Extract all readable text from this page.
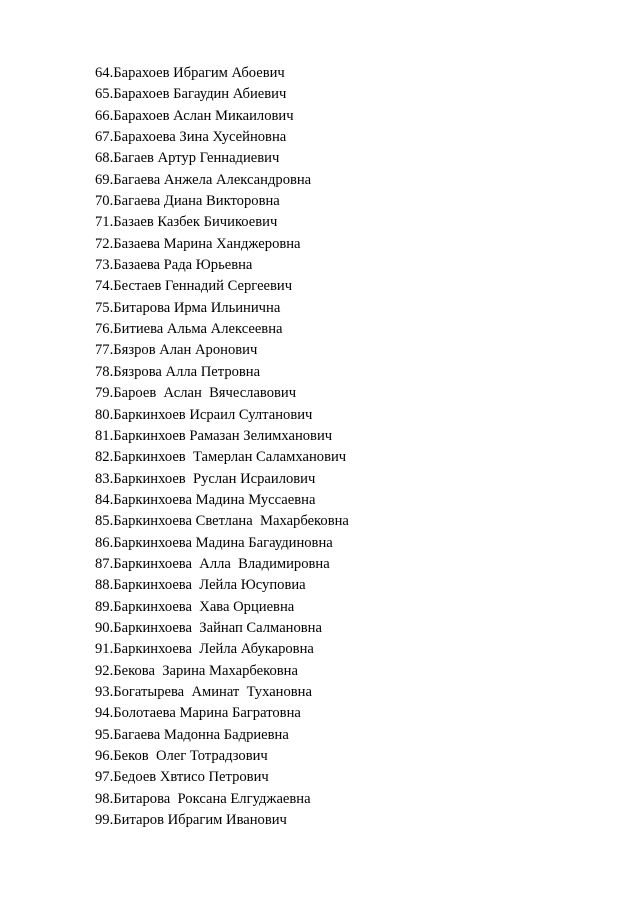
64.Барахоев Ибрагим Абоевич
65.Барахоев Багаудин Абиевич
66.Барахоев Аслан Микаилович
67.Барахоева Зина Хусейновна
68.Багаев Артур Геннадиевич
69.Багаева Анжела Александровна
70.Багаева Диана Викторовна
71.Базаев Казбек Бичикоевич
72.Базаева Марина Ханджеровна
73.Базаева Рада Юрьевна
74.Бестаев Геннадий Сергеевич
75.Битарова Ирма Ильинична
76.Битиева Альма Алексеевна
77.Бязров Алан Аронович
78.Бязрова Алла Петровна
79.Бароев  Аслан  Вячеславович
80.Баркинхоев Исраил Султанович
81.Баркинхоев Рамазан Зелимханович
82.Баркинхоев  Тамерлан Саламханович
83.Баркинхоев  Руслан Исраилович
84.Баркинхоева Мадина Муссаевна
85.Баркинхоева Светлана  Махарбековна
86.Баркинхоева Мадина Багаудиновна
87.Баркинхоева  Алла  Владимировна
88.Баркинхоева  Лейла Юсуповиа
89.Баркинхоева  Хава Орциевна
90.Баркинхоева  Зайнап Салмановна
91.Баркинхоева  Лейла Абукаровна
92.Бекова  Зарина Махарбековна
93.Богатырева  Аминат  Тухановна
94.Болотаева Марина Багратовна
95.Багаева Мадонна Бадриевна
96.Беков  Олег Тотрадзович
97.Бедоев Хвтисо Петрович
98.Битарова  Роксана Елгуджаевна
99.Битаров Ибрагим Иванович
